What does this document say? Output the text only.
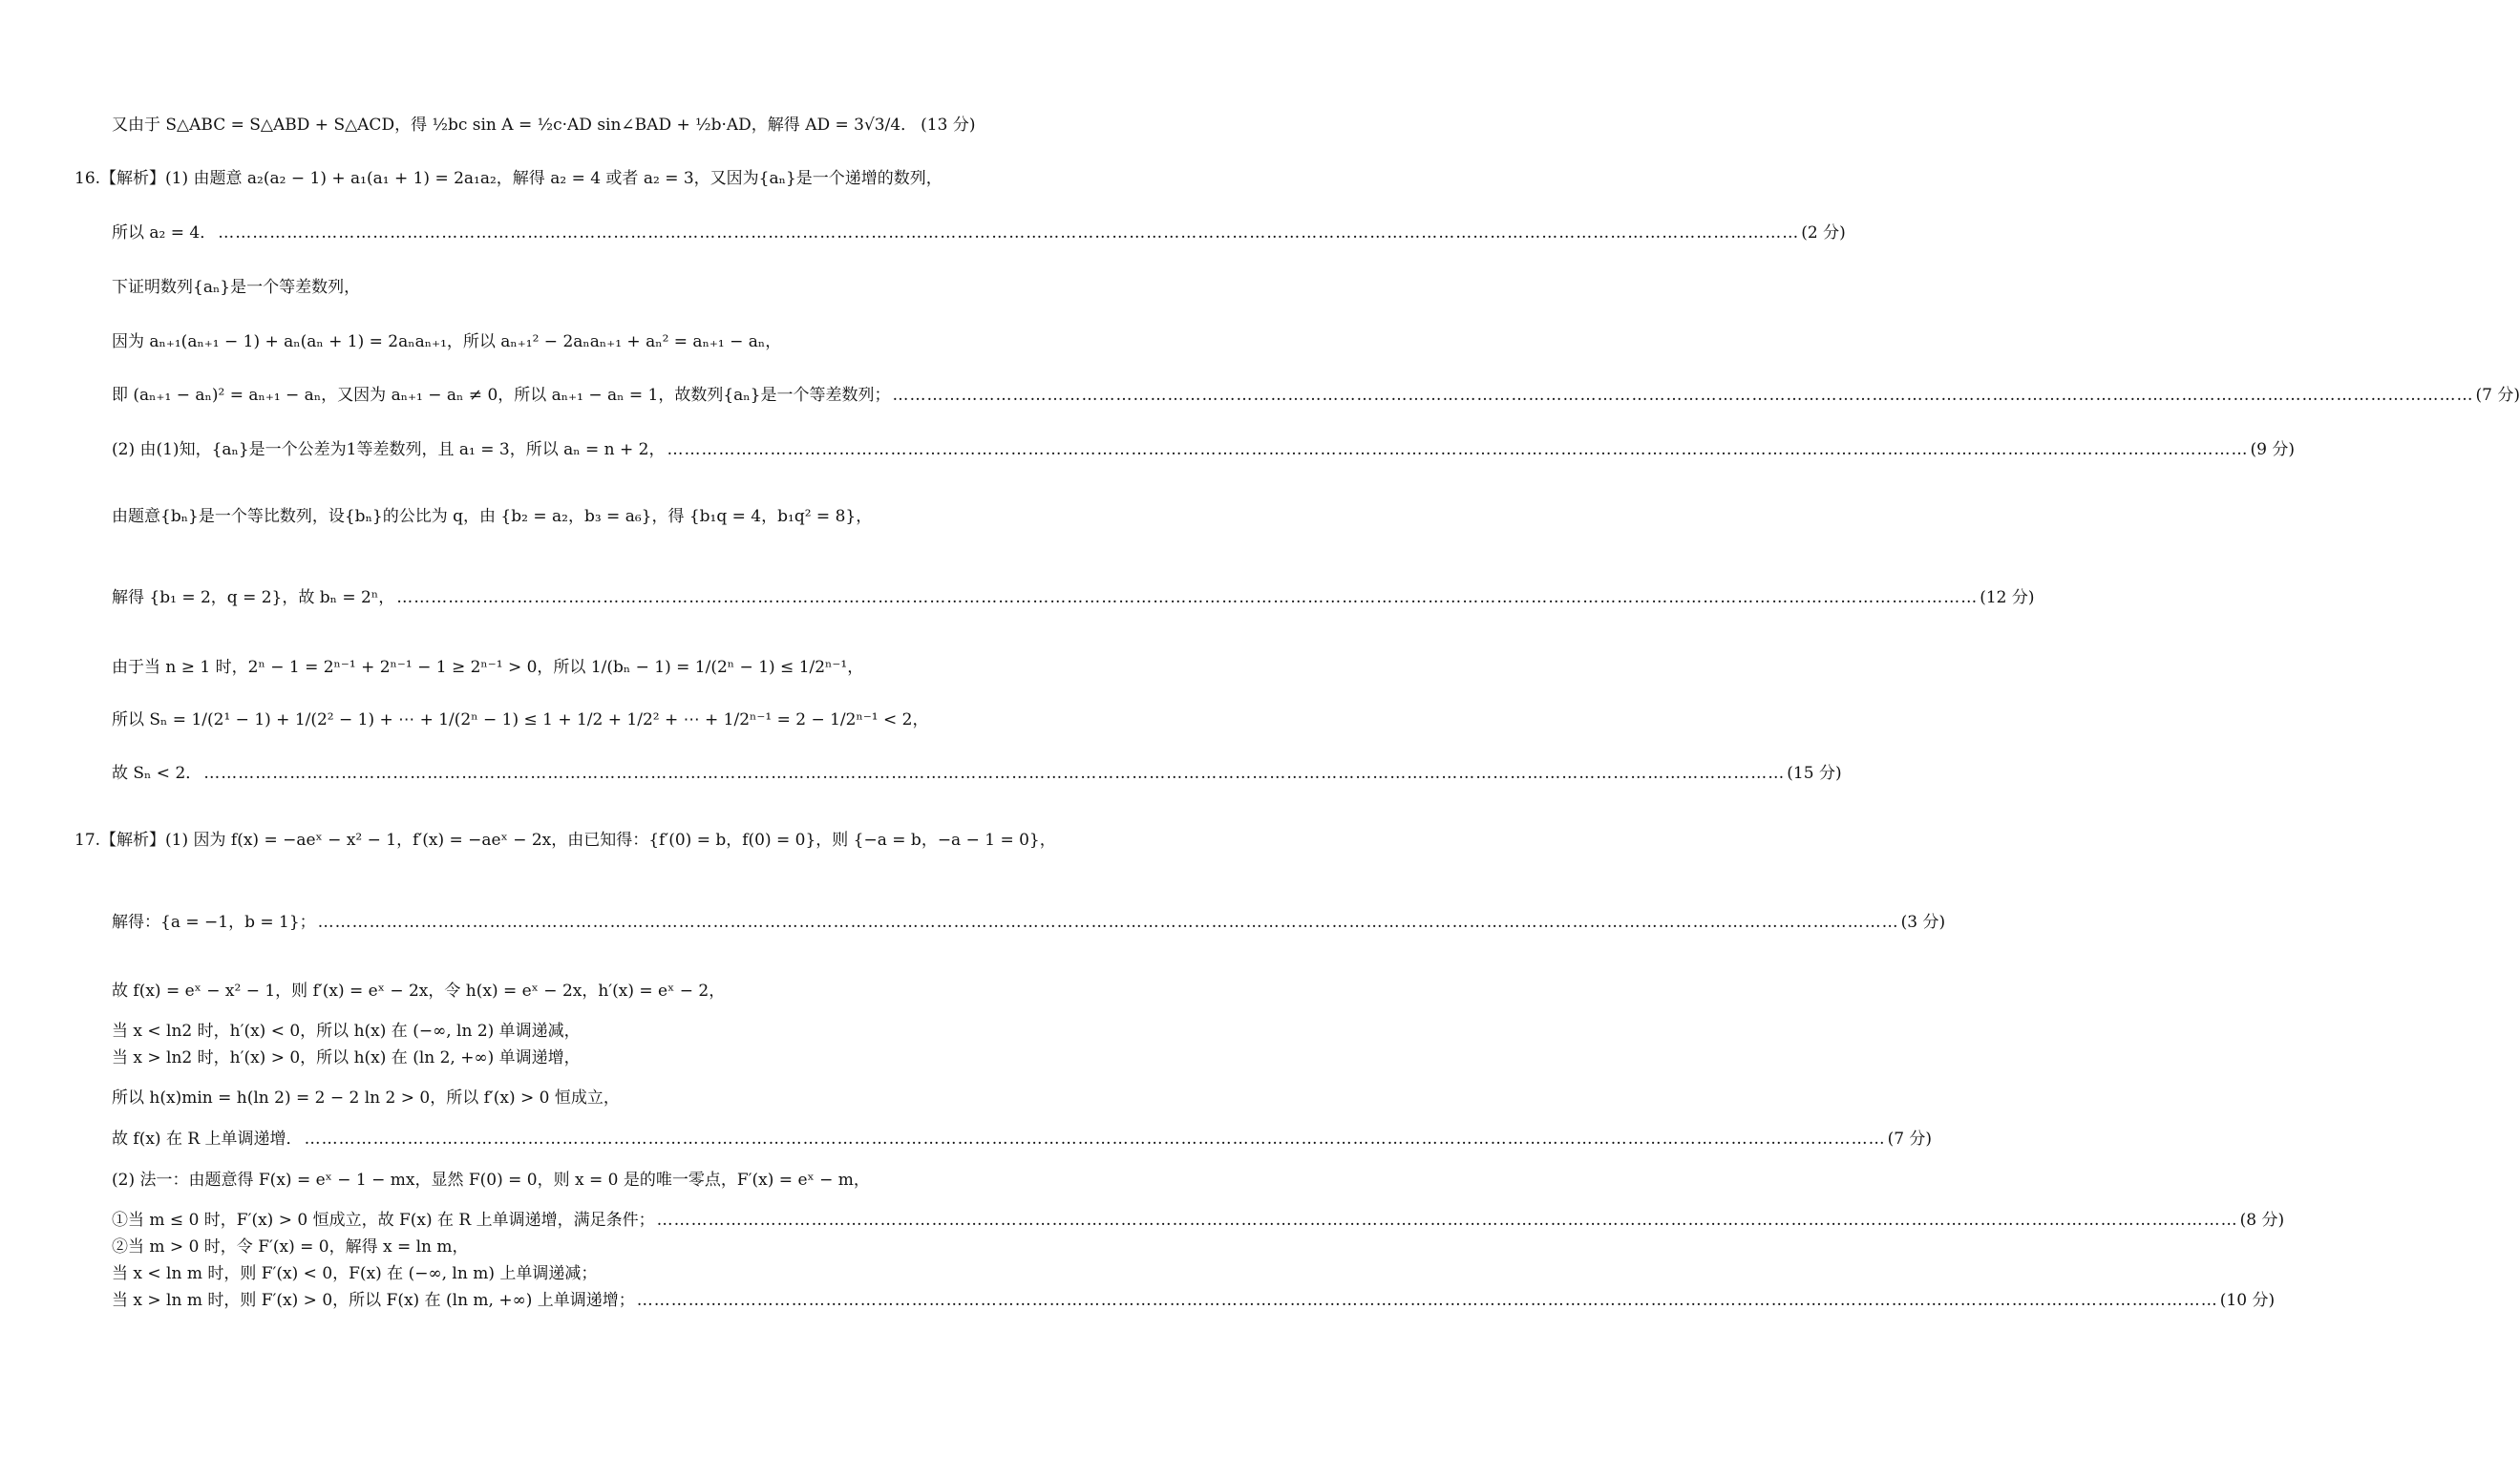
又由于 S△ABC = S△ABD + S△ACD，得 ½bc sin A = ½c·AD sin∠BAD + ½b·AD，解得 AD = 3√3/4． (13 分)
16.【解析】(1) 由题意 a₂(a₂ − 1) + a₁(a₁ + 1) = 2a₁a₂，解得 a₂ = 4 或者 a₂ = 3，又因为{aₙ}是一个递增的数列，
所以 a₂ = 4． …………………………………………………………………………………………………………………………………………………………………………………………………………………………………………………… (2 分)
下证明数列{aₙ}是一个等差数列，
因为 aₙ₊₁(aₙ₊₁ − 1) + aₙ(aₙ + 1) = 2aₙaₙ₊₁，所以 aₙ₊₁² − 2aₙaₙ₊₁ + aₙ² = aₙ₊₁ − aₙ，
即 (aₙ₊₁ − aₙ)² = aₙ₊₁ − aₙ，又因为 aₙ₊₁ − aₙ ≠ 0，所以 aₙ₊₁ − aₙ = 1，故数列{aₙ}是一个等差数列； …………………………………………………………………………………………………………………………………………………………………………………………………………………………………………………… (7 分)
(2) 由(1)知，{aₙ}是一个公差为1等差数列，且 a₁ = 3，所以 aₙ = n + 2， …………………………………………………………………………………………………………………………………………………………………………………………………………………………………………………… (9 分)
由题意{bₙ}是一个等比数列，设{bₙ}的公比为 q，由 {b₂ = a₂，b₃ = a₆}，得 {b₁q = 4，b₁q² = 8}，
解得 {b₁ = 2，q = 2}，故 bₙ = 2ⁿ， …………………………………………………………………………………………………………………………………………………………………………………………………………………………………………………… (12 分)
由于当 n ≥ 1 时，2ⁿ − 1 = 2ⁿ⁻¹ + 2ⁿ⁻¹ − 1 ≥ 2ⁿ⁻¹ > 0，所以 1/(bₙ − 1) = 1/(2ⁿ − 1) ≤ 1/2ⁿ⁻¹，
所以 Sₙ = 1/(2¹ − 1) + 1/(2² − 1) + ⋯ + 1/(2ⁿ − 1) ≤ 1 + 1/2 + 1/2² + ⋯ + 1/2ⁿ⁻¹ = 2 − 1/2ⁿ⁻¹ < 2，
故 Sₙ < 2． …………………………………………………………………………………………………………………………………………………………………………………………………………………………………………………… (15 分)
17.【解析】(1) 因为 f(x) = −aeˣ − x² − 1，f′(x) = −aeˣ − 2x，由已知得：{f′(0) = b，f(0) = 0}，则 {−a = b，−a − 1 = 0}，
解得：{a = −1，b = 1}； …………………………………………………………………………………………………………………………………………………………………………………………………………………………………………………… (3 分)
故 f(x) = eˣ − x² − 1，则 f′(x) = eˣ − 2x，令 h(x) = eˣ − 2x，h′(x) = eˣ − 2，
当 x < ln2 时，h′(x) < 0，所以 h(x) 在 (−∞, ln 2) 单调递减，
当 x > ln2 时，h′(x) > 0，所以 h(x) 在 (ln 2, +∞) 单调递增，
所以 h(x)min = h(ln 2) = 2 − 2 ln 2 > 0，所以 f′(x) > 0 恒成立，
故 f(x) 在 R 上单调递增． …………………………………………………………………………………………………………………………………………………………………………………………………………………………………………………… (7 分)
(2) 法一：由题意得 F(x) = eˣ − 1 − mx，显然 F(0) = 0，则 x = 0 是的唯一零点，F′(x) = eˣ − m，
①当 m ≤ 0 时，F′(x) > 0 恒成立，故 F(x) 在 R 上单调递增，满足条件； …………………………………………………………………………………………………………………………………………………………………………………………………………………………………………………… (8 分)
②当 m > 0 时，令 F′(x) = 0，解得 x = ln m，
当 x < ln m 时，则 F′(x) < 0，F(x) 在 (−∞, ln m) 上单调递减；
当 x > ln m 时，则 F′(x) > 0，所以 F(x) 在 (ln m, +∞) 上单调递增； …………………………………………………………………………………………………………………………………………………………………………………………………………………………………………………… (10 分)
